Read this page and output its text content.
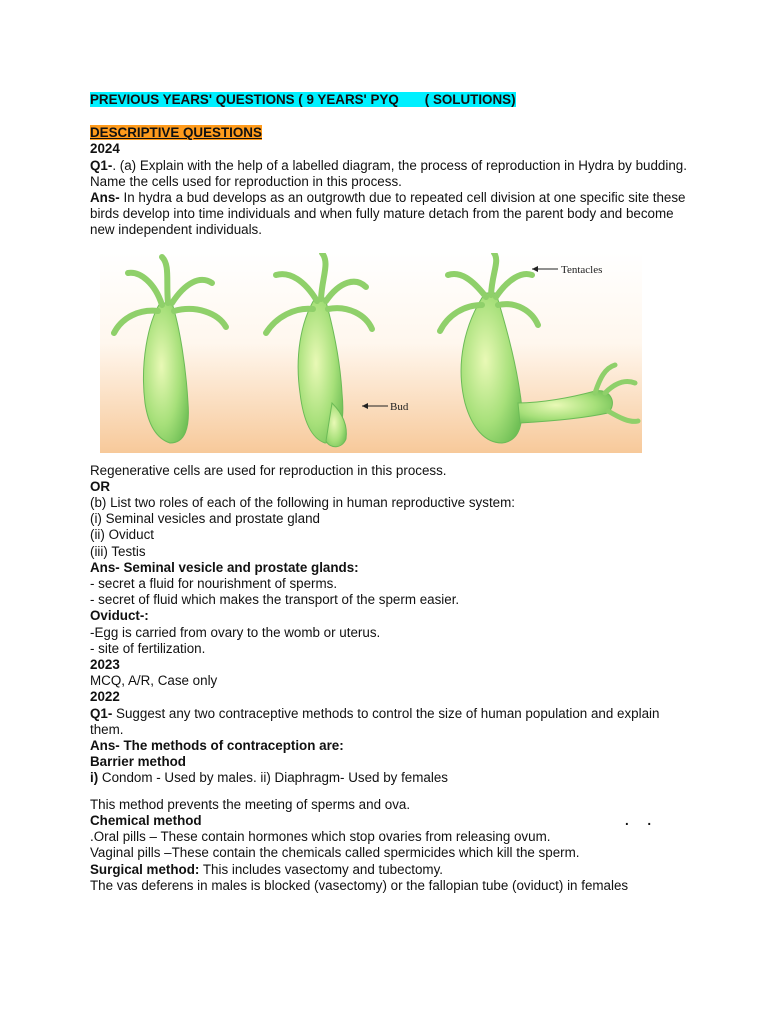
PREVIOUS YEARS' QUESTIONS ( 9 YEARS' PYQ ( SOLUTIONS)
DESCRIPTIVE QUESTIONS
2024
Q1-. (a) Explain with the help of a labelled diagram, the process of reproduction in Hydra by budding. Name the cells used for reproduction in this process.
Ans- In hydra a bud develops as an outgrowth due to repeated cell division at one specific site these birds develop into time individuals and when fully mature detach from the parent body and become new independent individuals.
Tentacles
Bud
Regenerative cells are used for reproduction in this process.
OR
(b) List two roles of each of the following in human reproductive system:
(i) Seminal vesicles and prostate gland
(ii) Oviduct
(iii) Testis
Ans- Seminal vesicle and prostate glands:
- secret a fluid for nourishment of sperms.
- secret of fluid which makes the transport of the sperm easier.
Oviduct-:
-Egg is carried from ovary to the womb or uterus.
- site of fertilization.
2023
MCQ, A/R, Case only
2022
Q1- Suggest any two contraceptive methods to control the size of human population and explain them.
Ans- The methods of contraception are:
Barrier method
i) Condom - Used by males. ii) Diaphragm- Used by females
This method prevents the meeting of sperms and ova.
Chemical method	.     .
.Oral pills – These contain hormones which stop ovaries from releasing ovum.
Vaginal pills –These contain the chemicals called spermicides which kill the sperm.
Surgical method: This includes vasectomy and tubectomy.
The vas deferens in males is blocked (vasectomy) or the fallopian tube (oviduct) in females
